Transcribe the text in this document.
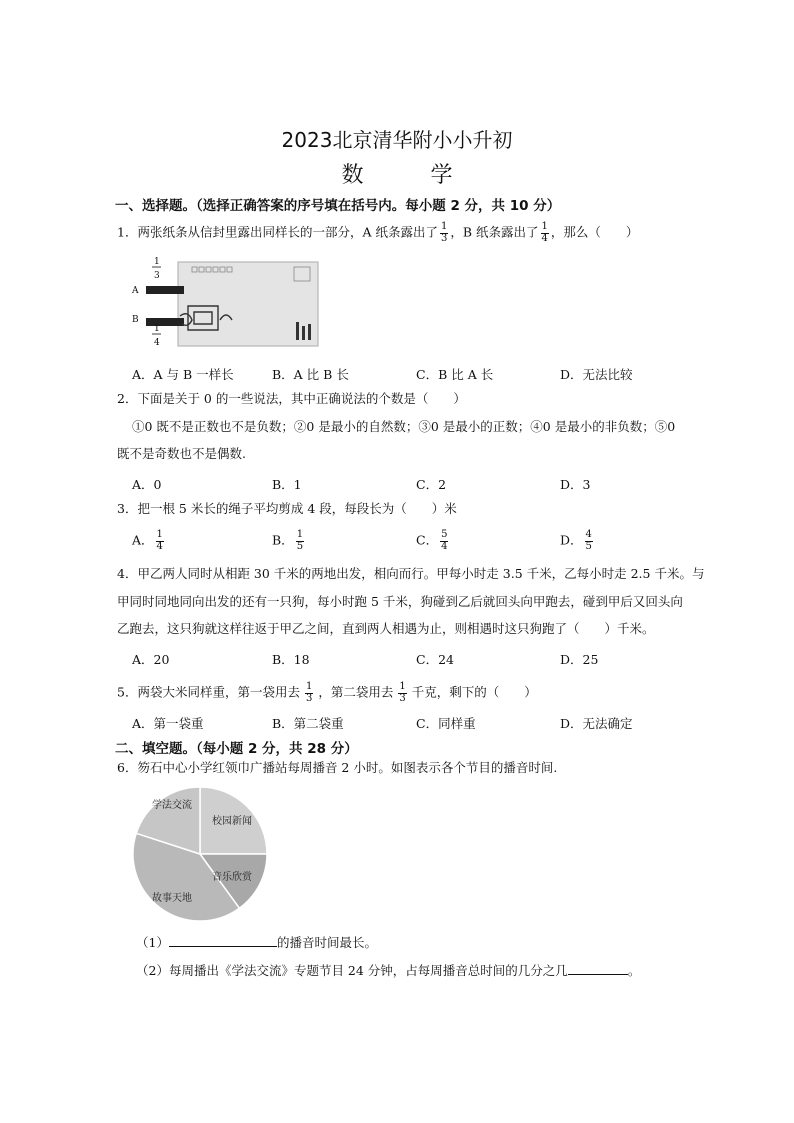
2023北京清华附小小升初
数 学
一、选择题。（选择正确答案的序号填在括号内。每小题 2 分，共 10 分）
1．两张纸条从信封里露出同样长的一部分，A 纸条露出了 $\frac{1}{3}$ ，B 纸条露出了 $\frac{1}{4}$ ，那么（　　）
A
B
1
3
1
4
A．A 与 B 一样长	B．A 比 B 长	C．B 比 A 长	D．无法比较
2．下面是关于 0 的一些说法，其中正确说法的个数是（　　）
①0 既不是正数也不是负数；②0 是最小的自然数；③0 是最小的正数；④0 是最小的非负数；⑤0
既不是奇数也不是偶数.
A．0	B．1	C．2	D．3
3．把一根 5 米长的绳子平均剪成 4 段，每段长为（　　）米
A． $\frac{1}{4}$	B． $\frac{1}{5}$	C． $\frac{5}{4}$	D． $\frac{4}{5}$
4．甲乙两人同时从相距 30 千米的两地出发，相向而行。甲每小时走 3.5 千米，乙每小时走 2.5 千米。与
甲同时同地同向出发的还有一只狗，每小时跑 5 千米，狗碰到乙后就回头向甲跑去，碰到甲后又回头向
乙跑去，这只狗就这样往返于甲乙之间，直到两人相遇为止，则相遇时这只狗跑了（　　）千米。
A．20	B．18	C．24	D．25
5．两袋大米同样重，第一袋用去 $\frac{1}{3}$ ，第二袋用去 $\frac{1}{3}$ 千克，剩下的（　　）
A．第一袋重	B．第二袋重	C．同样重	D．无法确定
二、填空题。（每小题 2 分，共 28 分）
6．笏石中心小学红领巾广播站每周播音 2 小时。如图表示各个节目的播音时间.
校园新闻
音乐欣赏
故事天地
学法交流
（1）	的播音时间最长。
（2）每周播出《学法交流》专题节目 24 分钟，占每周播音总时间的几分之几	。
